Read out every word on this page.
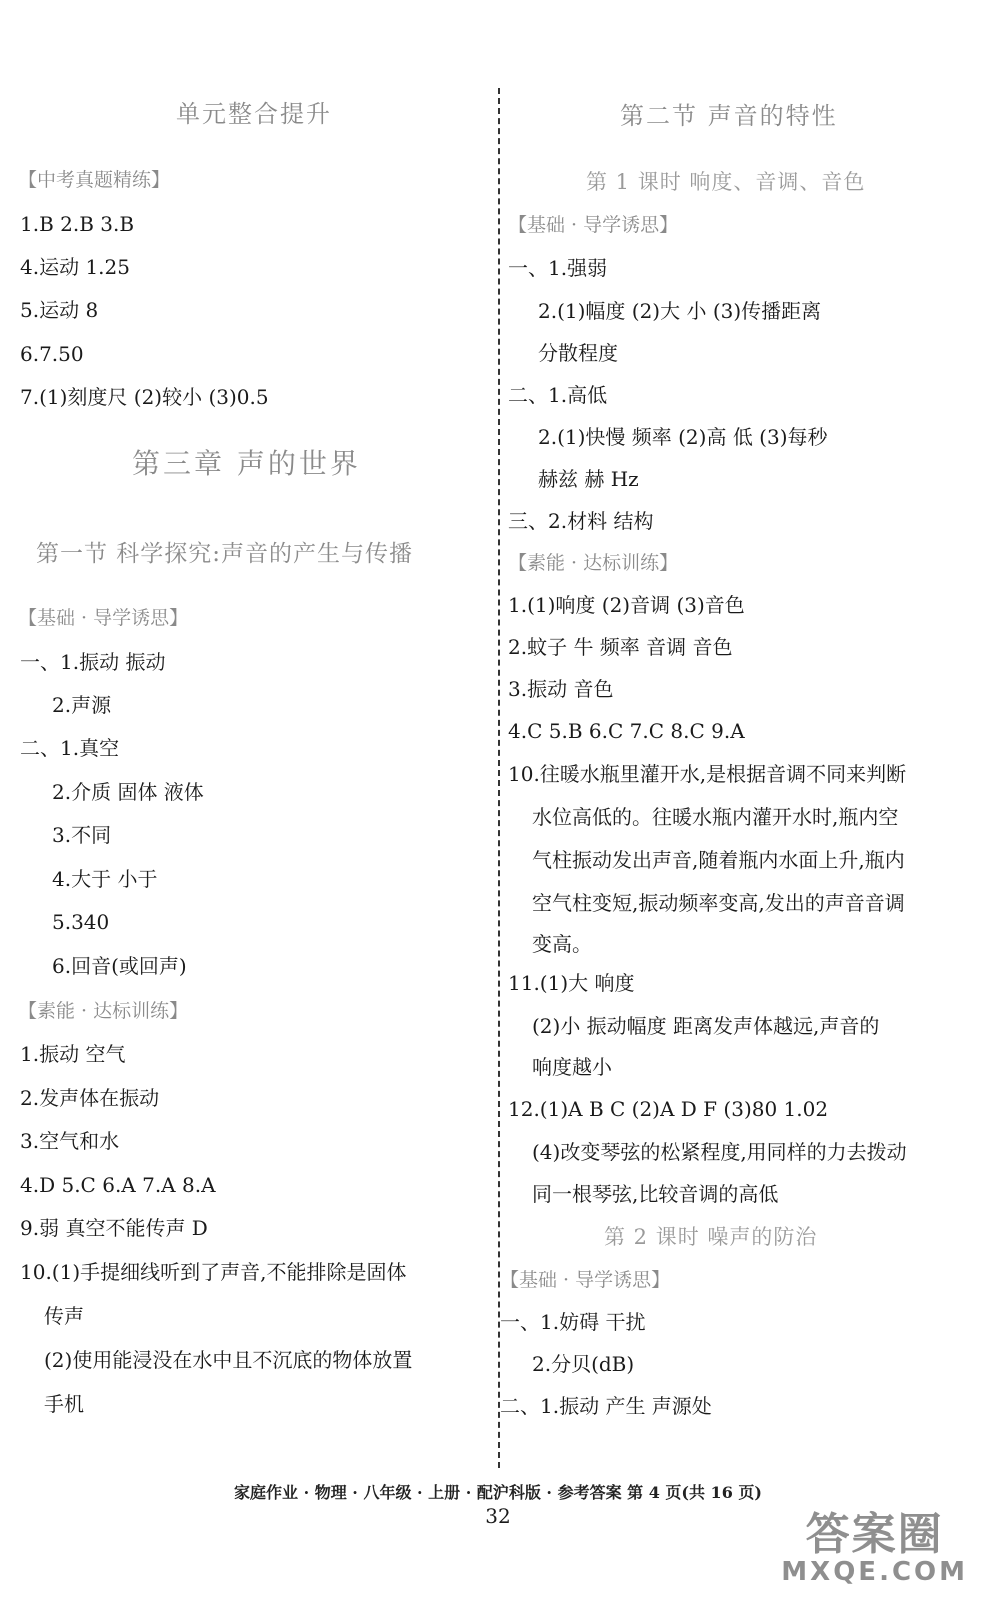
单元整合提升
【中考真题精练】
1.B 2.B 3.B
4.运动 1.25
5.运动 8
6.7.50
7.(1)刻度尺 (2)较小 (3)0.5
第三章 声的世界
第一节 科学探究:声音的产生与传播
【基础 · 导学诱思】
一、1.振动 振动
2.声源
二、1.真空
2.介质 固体 液体
3.不同
4.大于 小于
5.340
6.回音(或回声)
【素能 · 达标训练】
1.振动 空气
2.发声体在振动
3.空气和水
4.D 5.C 6.A 7.A 8.A
9.弱 真空不能传声 D
10.(1)手提细线听到了声音,不能排除是固体
传声
(2)使用能浸没在水中且不沉底的物体放置
手机
第二节 声音的特性
第 1 课时 响度、音调、音色
【基础 · 导学诱思】
一、1.强弱
2.(1)幅度 (2)大 小 (3)传播距离
分散程度
二、1.高低
2.(1)快慢 频率 (2)高 低 (3)每秒
赫兹 赫 Hz
三、2.材料 结构
【素能 · 达标训练】
1.(1)响度 (2)音调 (3)音色
2.蚊子 牛 频率 音调 音色
3.振动 音色
4.C 5.B 6.C 7.C 8.C 9.A
10.往暖水瓶里灌开水,是根据音调不同来判断
水位高低的。往暖水瓶内灌开水时,瓶内空
气柱振动发出声音,随着瓶内水面上升,瓶内
空气柱变短,振动频率变高,发出的声音音调
变高。
11.(1)大 响度
(2)小 振动幅度 距离发声体越远,声音的
响度越小
12.(1)A B C (2)A D F (3)80 1.02
(4)改变琴弦的松紧程度,用同样的力去拨动
同一根琴弦,比较音调的高低
第 2 课时 噪声的防治
【基础 · 导学诱思】
一、1.妨碍 干扰
2.分贝(dB)
二、1.振动 产生 声源处
家庭作业 · 物理 · 八年级 · 上册 · 配沪科版 · 参考答案 第 4 页(共 16 页)
32	答案圈
MXQE.COM
